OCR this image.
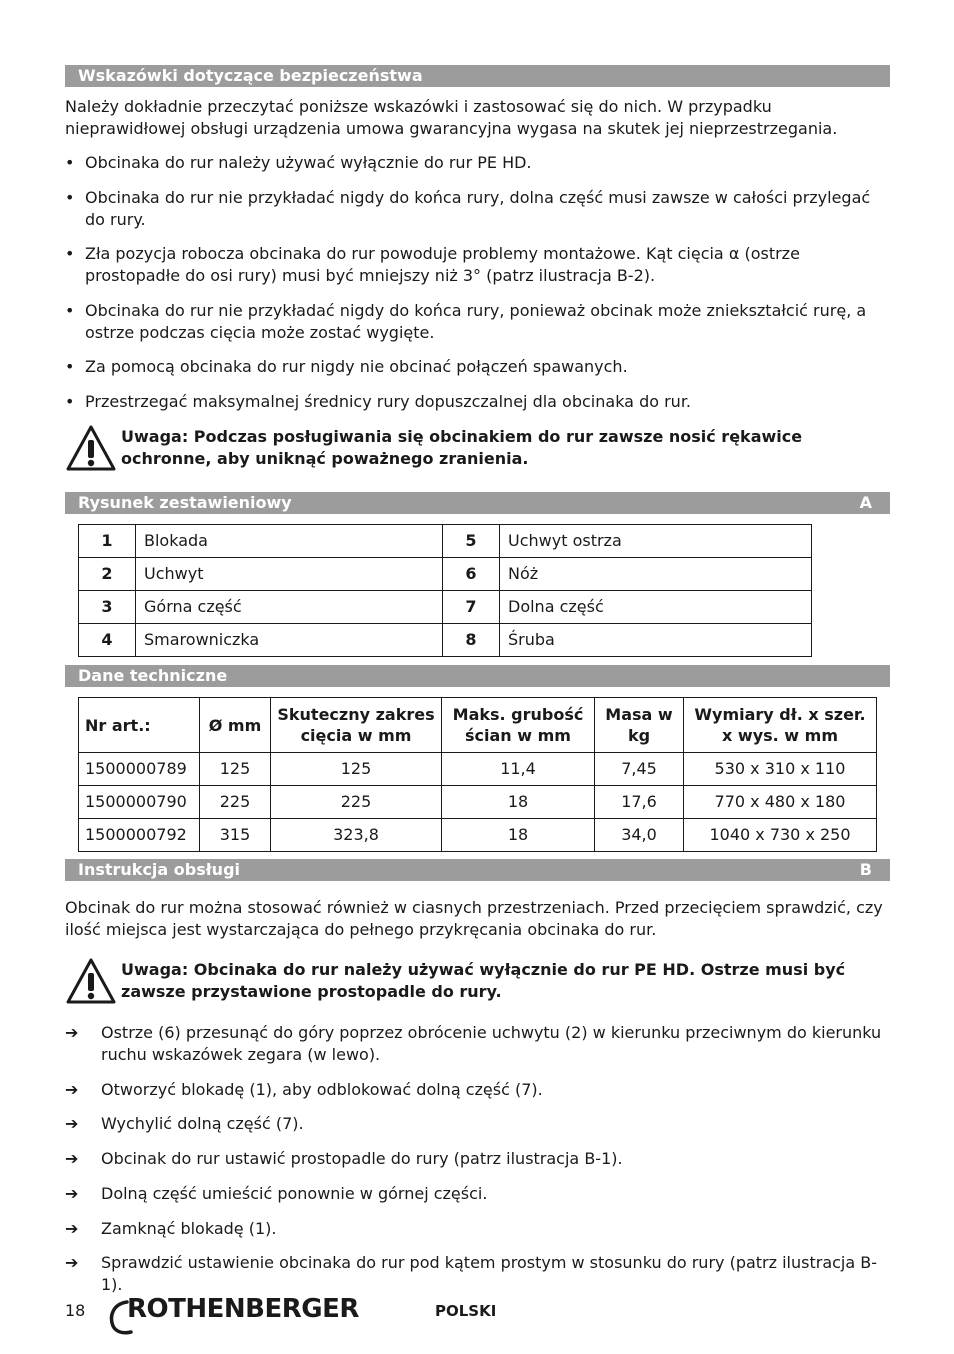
Wskazówki dotyczące bezpieczeństwa
Należy dokładnie przeczytać poniższe wskazówki i zastosować się do nich. W przypadku nieprawidłowej obsługi urządzenia umowa gwarancyjna wygasa na skutek jej nieprzestrzegania.
• Obcinaka do rur należy używać wyłącznie do rur PE HD.
• Obcinaka do rur nie przykładać nigdy do końca rury, dolna część musi zawsze w całości przylegać do rury.
• Zła pozycja robocza obcinaka do rur powoduje problemy montażowe. Kąt cięcia α (ostrze prostopadłe do osi rury) musi być mniejszy niż 3° (patrz ilustracja B-2).
• Obcinaka do rur nie przykładać nigdy do końca rury, ponieważ obcinak może zniekształcić rurę, a ostrze podczas cięcia może zostać wygięte.
• Za pomocą obcinaka do rur nigdy nie obcinać połączeń spawanych.
• Przestrzegać maksymalnej średnicy rury dopuszczalnej dla obcinaka do rur.
Uwaga: Podczas posługiwania się obcinakiem do rur zawsze nosić rękawice ochronne, aby uniknąć poważnego zranienia.
Rysunek zestawieniowy	A
1	Blokada	5	Uchwyt ostrza
2	Uchwyt	6	Nóż
3	Górna część	7	Dolna część
4	Smarowniczka	8	Śruba
Dane techniczne
Nr art.:	Ø mm	Skuteczny zakres cięcia w mm	Maks. grubość ścian w mm	Masa w kg	Wymiary dł. x szer. x wys. w mm
1500000789	125	125	11,4	7,45	530 x 310 x 110
1500000790	225	225	18	17,6	770 x 480 x 180
1500000792	315	323,8	18	34,0	1040 x 730 x 250
Instrukcja obsługi	B
Obcinak do rur można stosować również w ciasnych przestrzeniach. Przed przecięciem sprawdzić, czy ilość miejsca jest wystarczająca do pełnego przykręcania obcinaka do rur.
Uwaga: Obcinaka do rur należy używać wyłącznie do rur PE HD. Ostrze musi być zawsze przystawione prostopadle do rury.
➔ Ostrze (6) przesunąć do góry poprzez obrócenie uchwytu (2) w kierunku przeciwnym do kierunku ruchu wskazówek zegara (w lewo).
➔ Otworzyć blokadę (1), aby odblokować dolną część (7).
➔ Wychylić dolną część (7).
➔ Obcinak do rur ustawić prostopadle do rury (patrz ilustracja B-1).
➔ Dolną część umieścić ponownie w górnej części.
➔ Zamknąć blokadę (1).
➔ Sprawdzić ustawienie obcinaka do rur pod kątem prostym w stosunku do rury (patrz ilustracja B-1).
18 ROTHENBERGER	POLSKI
